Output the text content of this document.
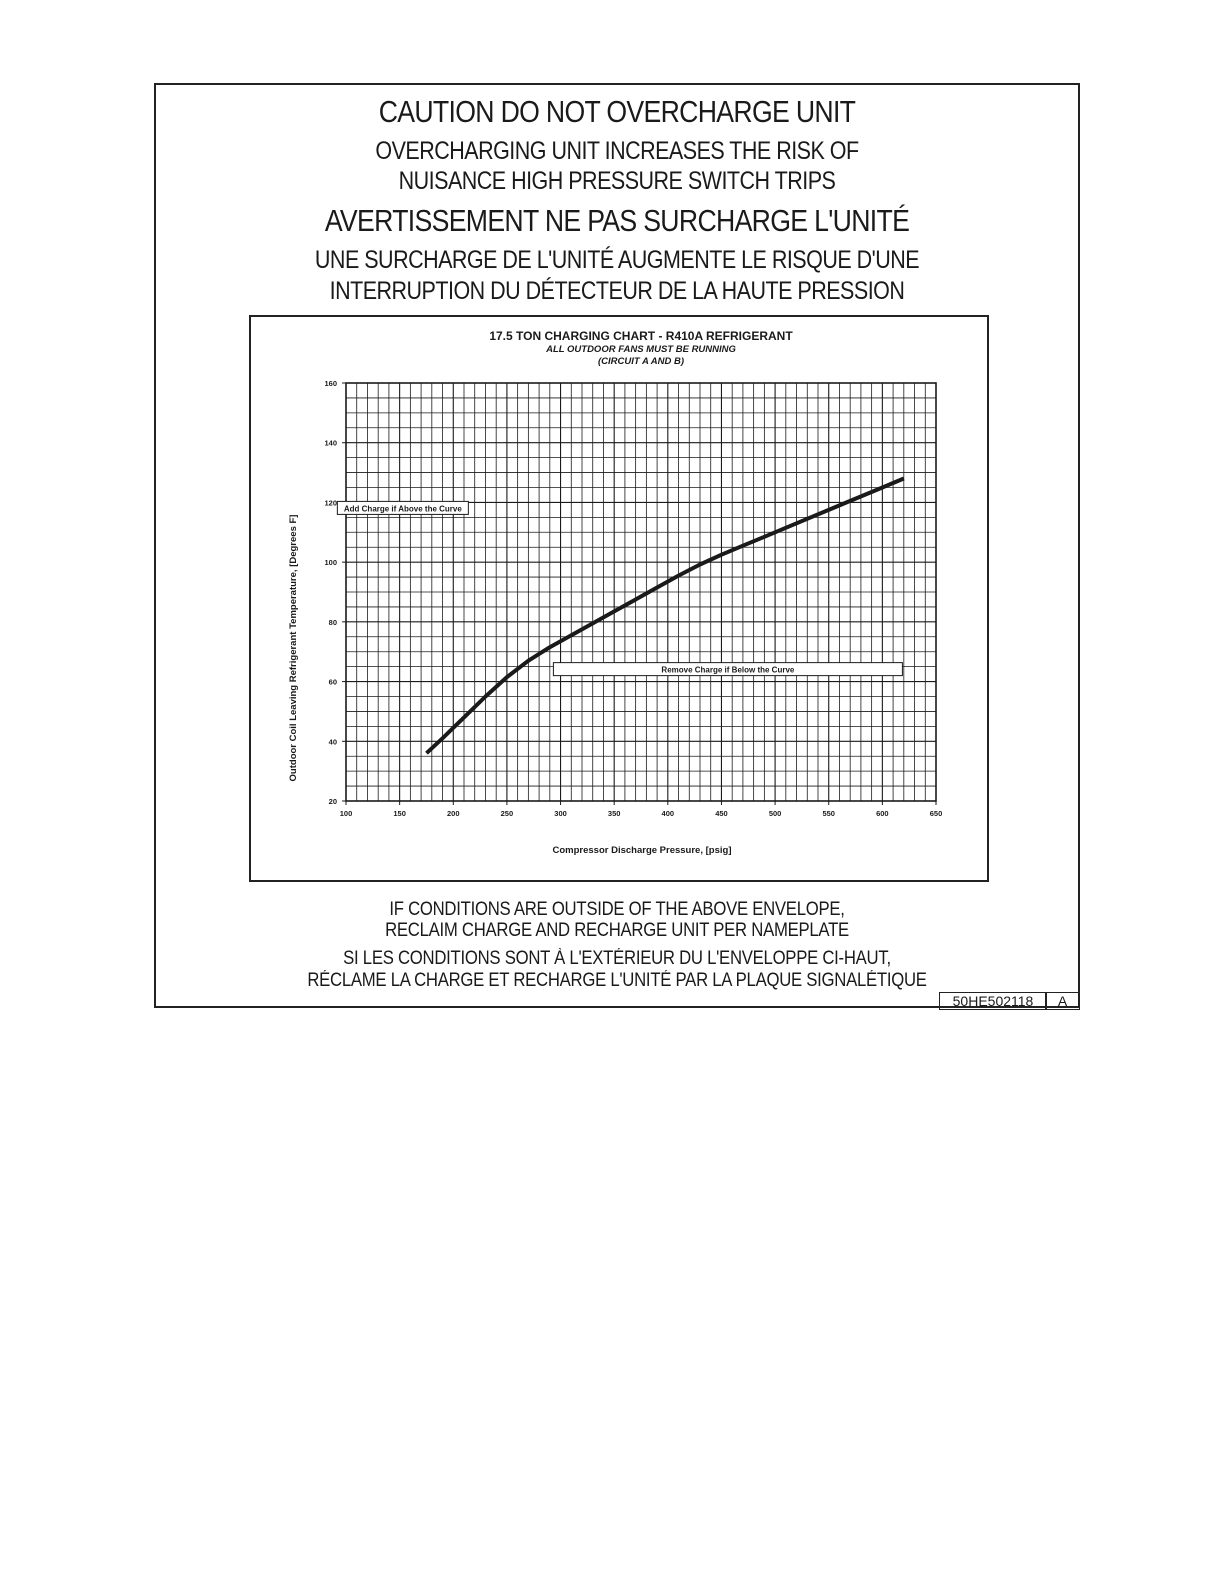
CAUTION DO NOT OVERCHARGE UNIT
OVERCHARGING UNIT INCREASES THE RISK OF
NUISANCE HIGH PRESSURE SWITCH TRIPS
AVERTISSEMENT NE PAS SURCHARGE L'UNITÉ
UNE SURCHARGE DE L'UNITÉ AUGMENTE LE RISQUE D'UNE
INTERRUPTION DU DÉTECTEUR DE LA HAUTE PRESSION
17.5 TON CHARGING CHART - R410A REFRIGERANT
ALL OUTDOOR FANS MUST BE RUNNING
(CIRCUIT A AND B)
Outdoor Coil Leaving Refrigerant Temperature, [Degrees F]
Compressor Discharge Pressure, [psig]
100	150	200	250	300	350	400	450	500	550	600	650
20
40
60
80
100
120
140
160
Add Charge if Above the Curve
Remove Charge if Below the Curve
IF CONDITIONS ARE OUTSIDE OF THE ABOVE ENVELOPE,
RECLAIM CHARGE AND RECHARGE UNIT PER NAMEPLATE
SI LES CONDITIONS SONT À L'EXTÉRIEUR DU L'ENVELOPPE CI-HAUT,
RÉCLAME LA CHARGE ET RECHARGE L'UNITÉ PAR LA PLAQUE SIGNALÉTIQUE
50HE502118	A
